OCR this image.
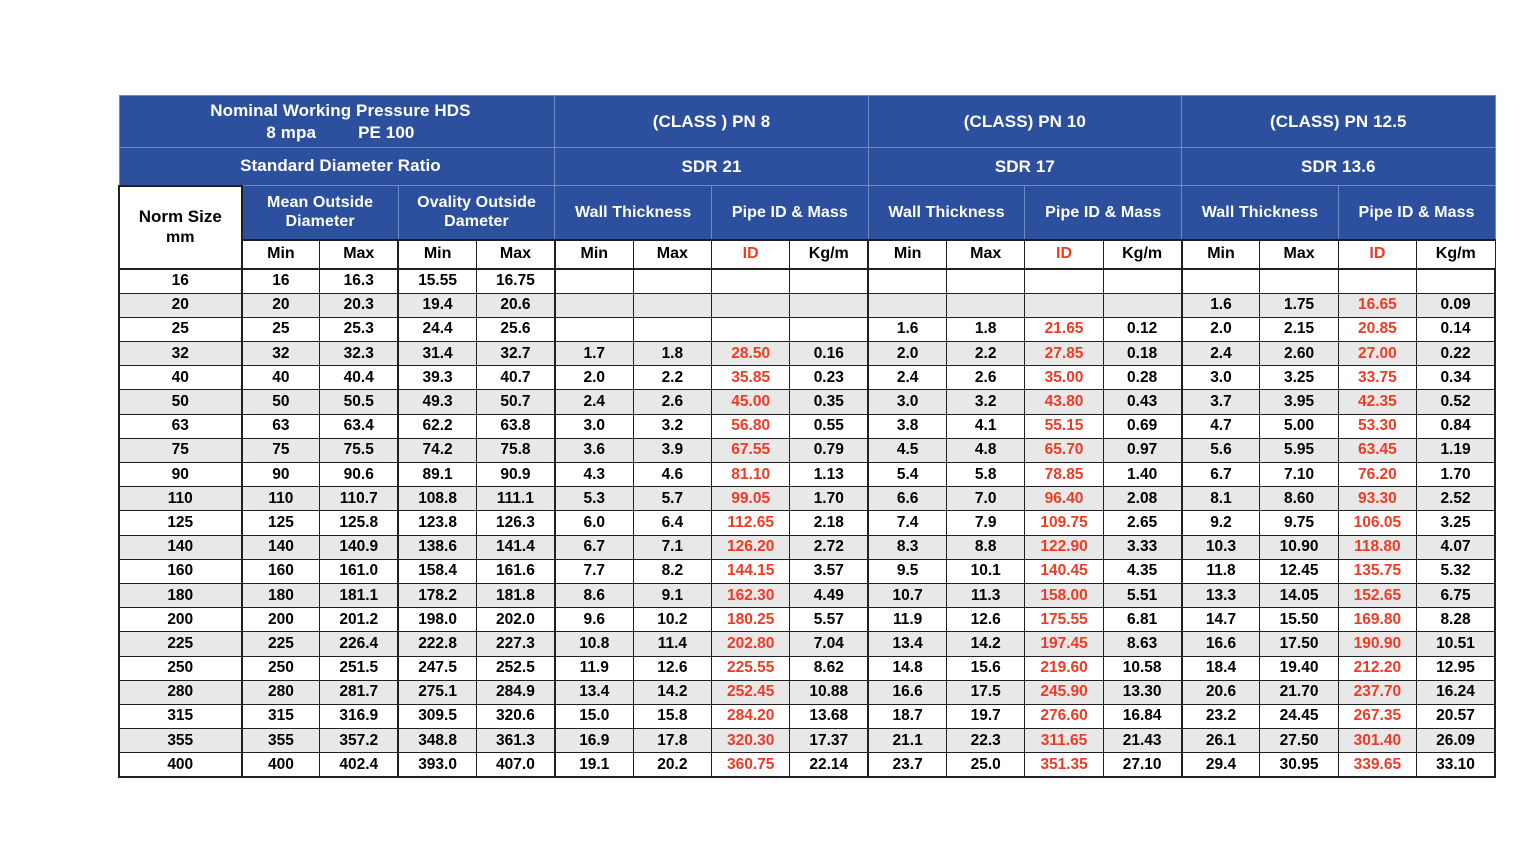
Nominal Working Pressure HDS
8 mpa PE 100					(CLASS ) PN 8				(CLASS) PN 10				(CLASS) PN 12.5			
Standard Diameter Ratio					SDR 21				SDR 17				SDR 13.6			
Norm Size
mm	Mean Outside Diameter		Ovality Outside Dameter		Wall Thickness		Pipe ID & Mass		Wall Thickness		Pipe ID & Mass		Wall Thickness		Pipe ID & Mass	
	Min	Max	Min	Max	Min	Max	ID	Kg/m	Min	Max	ID	Kg/m	Min	Max	ID	Kg/m
16	16	16.3	15.55	16.75												
20	20	20.3	19.4	20.6									1.6	1.75	16.65	0.09
25	25	25.3	24.4	25.6					1.6	1.8	21.65	0.12	2.0	2.15	20.85	0.14
32	32	32.3	31.4	32.7	1.7	1.8	28.50	0.16	2.0	2.2	27.85	0.18	2.4	2.60	27.00	0.22
40	40	40.4	39.3	40.7	2.0	2.2	35.85	0.23	2.4	2.6	35.00	0.28	3.0	3.25	33.75	0.34
50	50	50.5	49.3	50.7	2.4	2.6	45.00	0.35	3.0	3.2	43.80	0.43	3.7	3.95	42.35	0.52
63	63	63.4	62.2	63.8	3.0	3.2	56.80	0.55	3.8	4.1	55.15	0.69	4.7	5.00	53.30	0.84
75	75	75.5	74.2	75.8	3.6	3.9	67.55	0.79	4.5	4.8	65.70	0.97	5.6	5.95	63.45	1.19
90	90	90.6	89.1	90.9	4.3	4.6	81.10	1.13	5.4	5.8	78.85	1.40	6.7	7.10	76.20	1.70
110	110	110.7	108.8	111.1	5.3	5.7	99.05	1.70	6.6	7.0	96.40	2.08	8.1	8.60	93.30	2.52
125	125	125.8	123.8	126.3	6.0	6.4	112.65	2.18	7.4	7.9	109.75	2.65	9.2	9.75	106.05	3.25
140	140	140.9	138.6	141.4	6.7	7.1	126.20	2.72	8.3	8.8	122.90	3.33	10.3	10.90	118.80	4.07
160	160	161.0	158.4	161.6	7.7	8.2	144.15	3.57	9.5	10.1	140.45	4.35	11.8	12.45	135.75	5.32
180	180	181.1	178.2	181.8	8.6	9.1	162.30	4.49	10.7	11.3	158.00	5.51	13.3	14.05	152.65	6.75
200	200	201.2	198.0	202.0	9.6	10.2	180.25	5.57	11.9	12.6	175.55	6.81	14.7	15.50	169.80	8.28
225	225	226.4	222.8	227.3	10.8	11.4	202.80	7.04	13.4	14.2	197.45	8.63	16.6	17.50	190.90	10.51
250	250	251.5	247.5	252.5	11.9	12.6	225.55	8.62	14.8	15.6	219.60	10.58	18.4	19.40	212.20	12.95
280	280	281.7	275.1	284.9	13.4	14.2	252.45	10.88	16.6	17.5	245.90	13.30	20.6	21.70	237.70	16.24
315	315	316.9	309.5	320.6	15.0	15.8	284.20	13.68	18.7	19.7	276.60	16.84	23.2	24.45	267.35	20.57
355	355	357.2	348.8	361.3	16.9	17.8	320.30	17.37	21.1	22.3	311.65	21.43	26.1	27.50	301.40	26.09
400	400	402.4	393.0	407.0	19.1	20.2	360.75	22.14	23.7	25.0	351.35	27.10	29.4	30.95	339.65	33.10
